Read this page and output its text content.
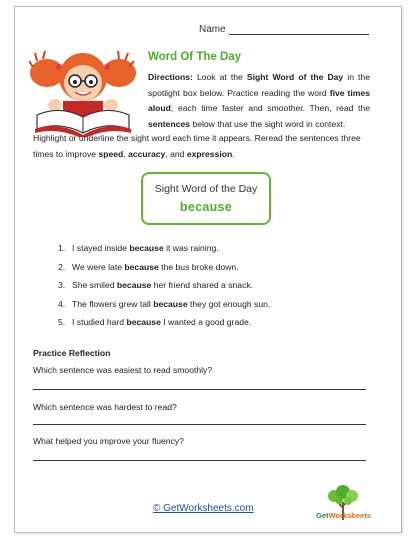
Name
Word Of The Day
Directions: Look at the Sight Word of the Day in the spotlight box below. Practice reading the word five times aloud; each time faster and smoother. Then, read the sentences below that use the sight word in context.
Highlight or underline the sight word each time it appears. Reread the sentences three times to improve speed, accuracy, and expression.
Sight Word of the Day
because
1. I stayed inside because it was raining.
2. We were late because the bus broke down.
3. She smiled because her friend shared a snack.
4. The flowers grew tall because they got enough sun.
5. I studied hard because I wanted a good grade.
Practice Reflection
Which sentence was easiest to read smoothly?
Which sentence was hardest to read?
What helped you improve your fluency?
© GetWorksheets.com
GetWorksheets
